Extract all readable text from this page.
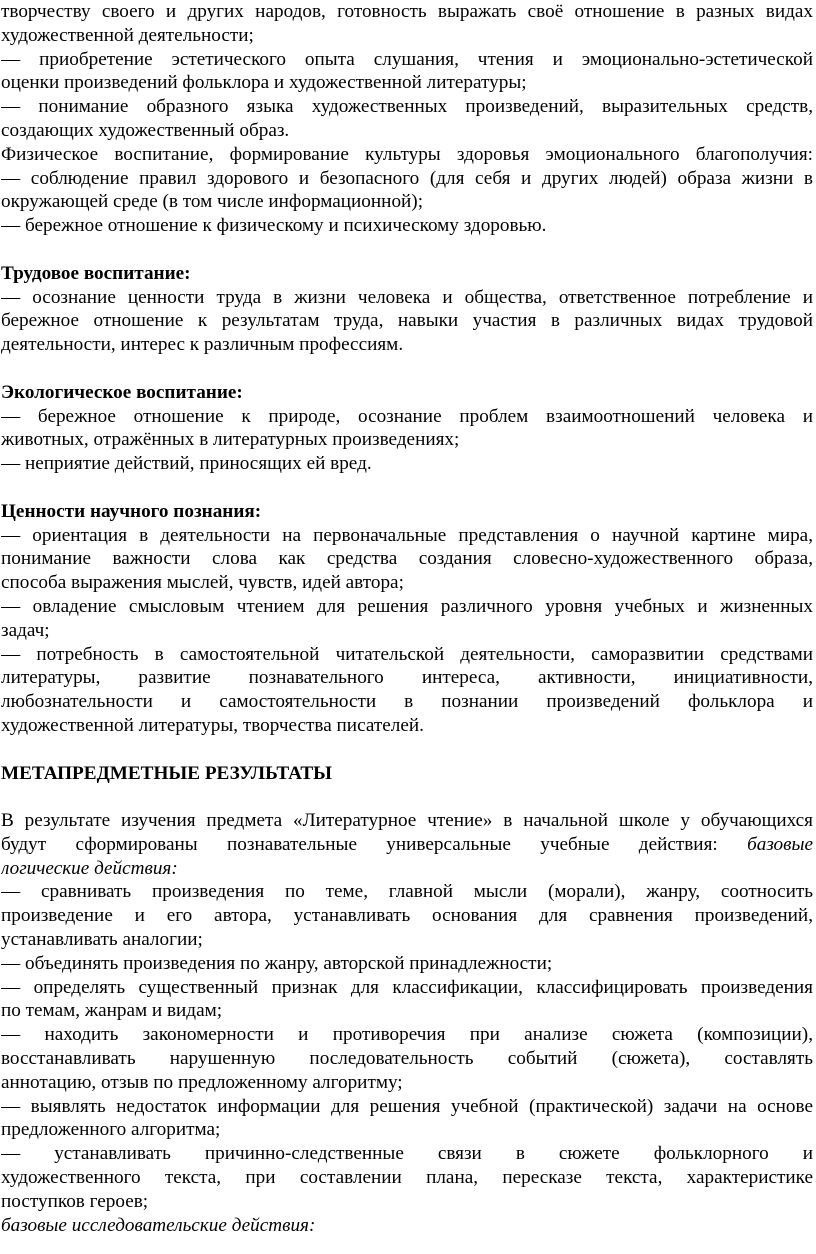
творчеству своего и других народов, готовность выражать своё отношение в разных видах
художественной деятельности;
— приобретение эстетического опыта слушания, чтения и эмоционально-эстетической
оценки произведений фольклора и художественной литературы;
— понимание образного языка художественных произведений, выразительных средств,
создающих художественный образ.
Физическое воспитание, формирование культуры здоровья эмоционального благополучия:
— соблюдение правил здорового и безопасного (для себя и других людей) образа жизни в
окружающей среде (в том числе информационной);
— бережное отношение к физическому и психическому здоровью.
Трудовое воспитание:
— осознание ценности труда в жизни человека и общества, ответственное потребление и
бережное отношение к результатам труда, навыки участия в различных видах трудовой
деятельности, интерес к различным профессиям.
Экологическое воспитание:
— бережное отношение к природе, осознание проблем взаимоотношений человека и
животных, отражённых в литературных произведениях;
— неприятие действий, приносящих ей вред.
Ценности научного познания:
— ориентация в деятельности на первоначальные представления о научной картине мира,
понимание важности слова как средства создания словесно-художественного образа,
способа выражения мыслей, чувств, идей автора;
— овладение смысловым чтением для решения различного уровня учебных и жизненных
задач;
— потребность в самостоятельной читательской деятельности, саморазвитии средствами
литературы, развитие познавательного интереса, активности, инициативности,
любознательности и самостоятельности в познании произведений фольклора и
художественной литературы, творчества писателей.
МЕТАПРЕДМЕТНЫЕ РЕЗУЛЬТАТЫ
В результате изучения предмета «Литературное чтение» в начальной школе у обучающихся
будут сформированы познавательные универсальные учебные действия: базовые
логические действия:
— сравнивать произведения по теме, главной мысли (морали), жанру, соотносить
произведение и его автора, устанавливать основания для сравнения произведений,
устанавливать аналогии;
— объединять произведения по жанру, авторской принадлежности;
— определять существенный признак для классификации, классифицировать произведения
по темам, жанрам и видам;
— находить закономерности и противоречия при анализе сюжета (композиции),
восстанавливать нарушенную последовательность событий (сюжета), составлять
аннотацию, отзыв по предложенному алгоритму;
— выявлять недостаток информации для решения учебной (практической) задачи на основе
предложенного алгоритма;
— устанавливать причинно-следственные связи в сюжете фольклорного и
художественного текста, при составлении плана, пересказе текста, характеристике
поступков героев;
базовые исследовательские действия:
